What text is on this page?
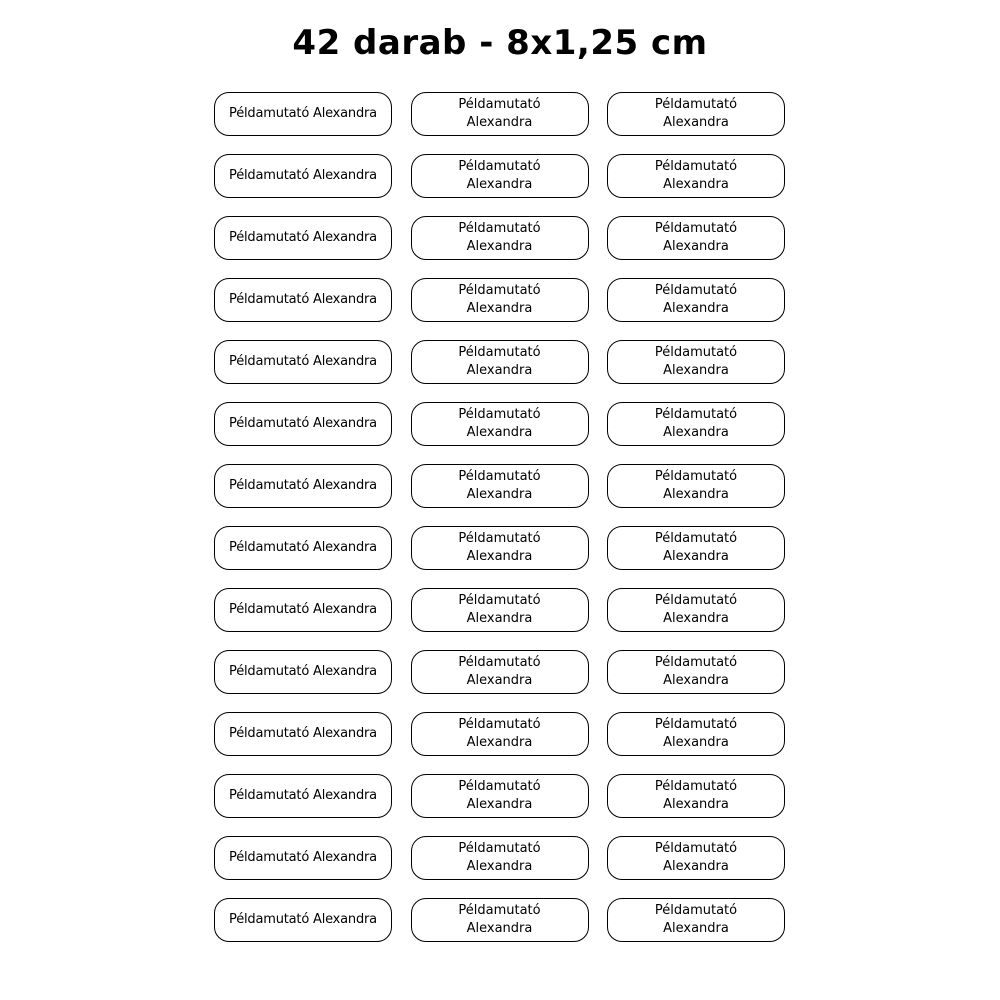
42 darab - 8x1,25 cm
Példamutató Alexandra
Példamutató
Alexandra
Példamutató
Alexandra
Példamutató Alexandra
Példamutató
Alexandra
Példamutató
Alexandra
Példamutató Alexandra
Példamutató
Alexandra
Példamutató
Alexandra
Példamutató Alexandra
Példamutató
Alexandra
Példamutató
Alexandra
Példamutató Alexandra
Példamutató
Alexandra
Példamutató
Alexandra
Példamutató Alexandra
Példamutató
Alexandra
Példamutató
Alexandra
Példamutató Alexandra
Példamutató
Alexandra
Példamutató
Alexandra
Példamutató Alexandra
Példamutató
Alexandra
Példamutató
Alexandra
Példamutató Alexandra
Példamutató
Alexandra
Példamutató
Alexandra
Példamutató Alexandra
Példamutató
Alexandra
Példamutató
Alexandra
Példamutató Alexandra
Példamutató
Alexandra
Példamutató
Alexandra
Példamutató Alexandra
Példamutató
Alexandra
Példamutató
Alexandra
Példamutató Alexandra
Példamutató
Alexandra
Példamutató
Alexandra
Példamutató Alexandra
Példamutató
Alexandra
Példamutató
Alexandra
